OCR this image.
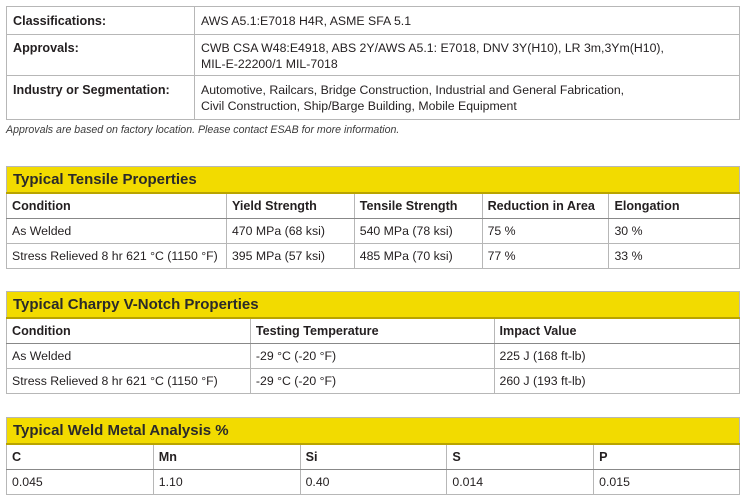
Classifications:	AWS A5.1:E7018 H4R, ASME SFA 5.1
Approvals:	CWB CSA W48:E4918, ABS 2Y/AWS A5.1: E7018, DNV 3Y(H10), LR 3m,3Ym(H10),
MIL-E-22200/1 MIL-7018

Industry or Segmentation:	Automotive, Railcars, Bridge Construction, Industrial and General Fabrication,
Civil Construction, Ship/Barge Building, Mobile Equipment
Approvals are based on factory location. Please contact ESAB for more information.
Typical Tensile Properties				
Condition	Yield Strength	Tensile Strength	Reduction in Area	Elongation
As Welded	470 MPa (68 ksi)	540 MPa (78 ksi)	75 %	30 %
Stress Relieved 8 hr 621 °C (1150 °F)	395 MPa (57 ksi)	485 MPa (70 ksi)	77 %	33 %
Typical Charpy V-Notch Properties		
Condition	Testing Temperature	Impact Value
As Welded	-29 °C (-20 °F)	225 J (168 ft-lb)
Stress Relieved 8 hr 621 °C (1150 °F)	-29 °C (-20 °F)	260 J (193 ft-lb)
Typical Weld Metal Analysis %				
C	Mn	Si	S	P
0.045	1.10	0.40	0.014	0.015
